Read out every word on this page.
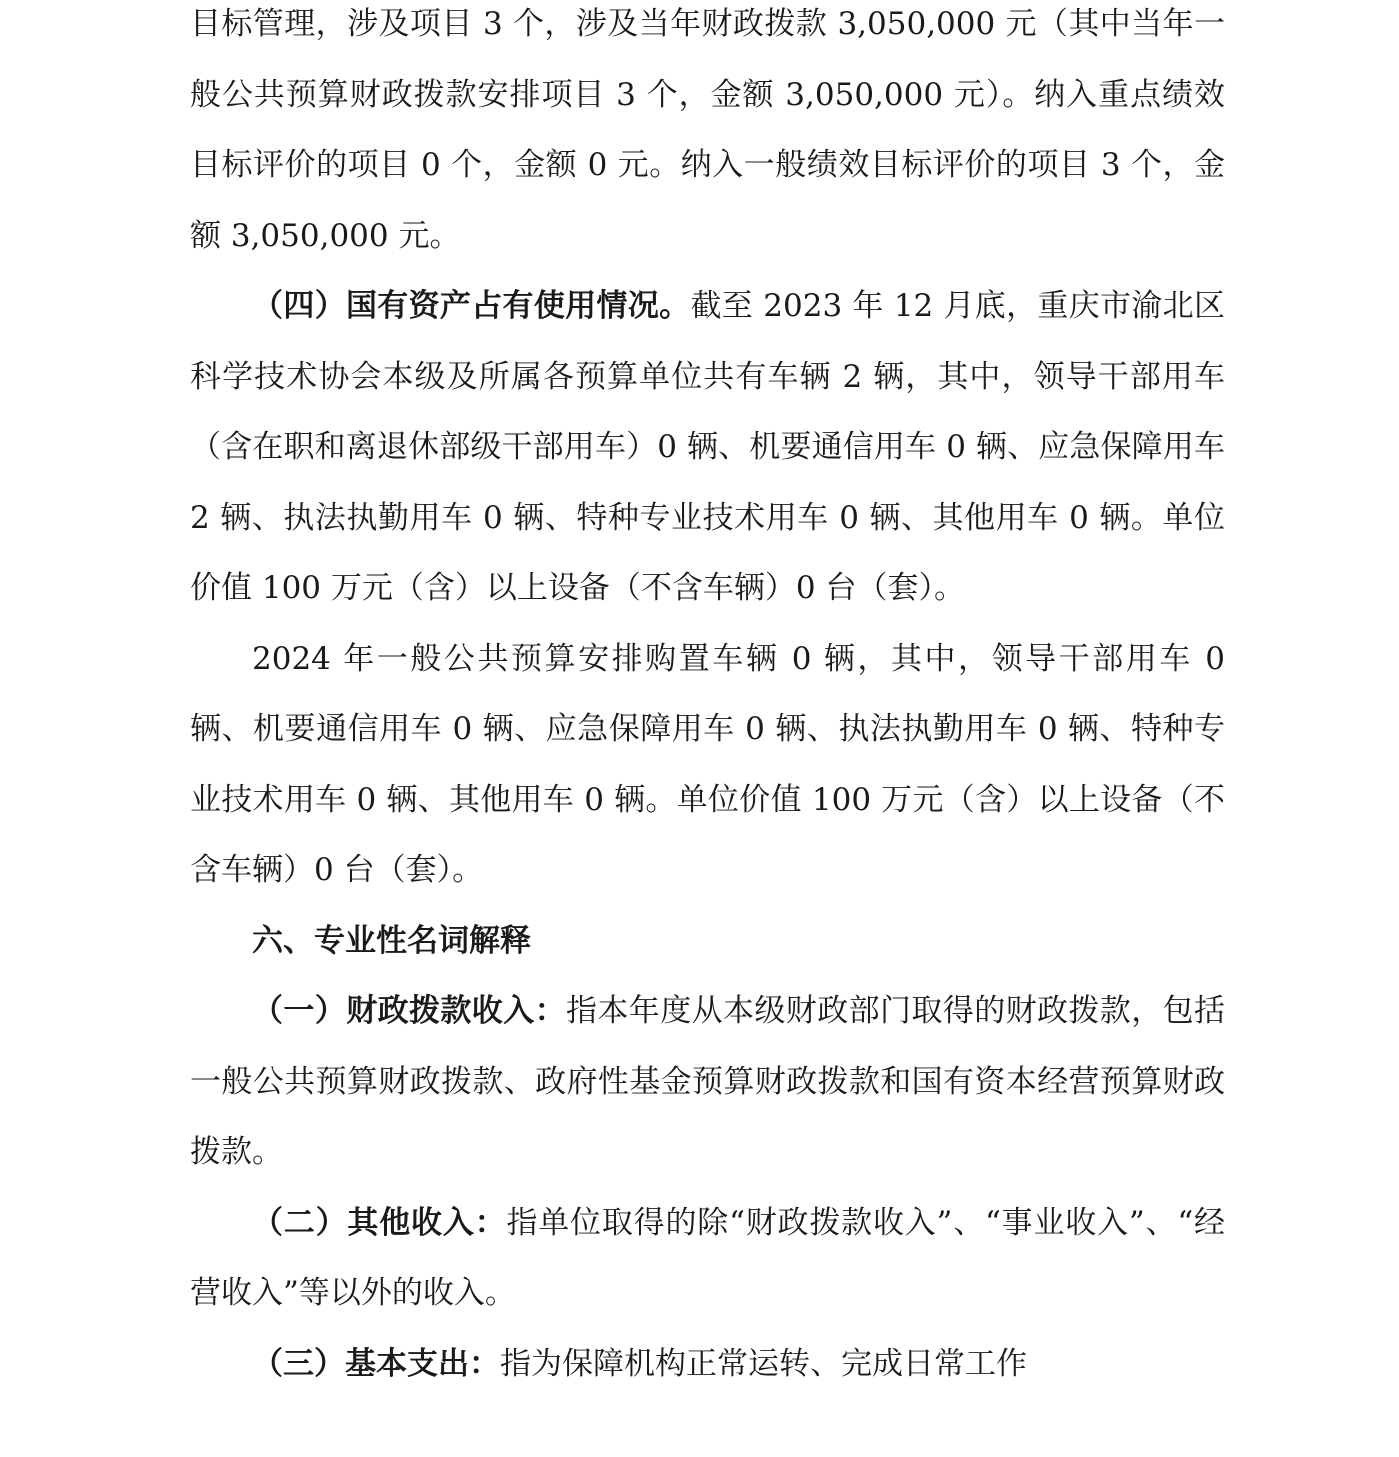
目标管理，涉及项目 3 个，涉及当年财政拨款 3,050,000 元（其中当年一般公共预算财政拨款安排项目 3 个，金额 3,050,000 元）。纳入重点绩效目标评价的项目 0 个，金额 0 元。纳入一般绩效目标评价的项目 3 个，金额 3,050,000 元。

（四）国有资产占有使用情况。截至 2023 年 12 月底，重庆市渝北区科学技术协会本级及所属各预算单位共有车辆 2 辆，其中，领导干部用车（含在职和离退休部级干部用车）0 辆、机要通信用车 0 辆、应急保障用车 2 辆、执法执勤用车 0 辆、特种专业技术用车 0 辆、其他用车 0 辆。单位价值 100 万元（含）以上设备（不含车辆）0 台（套）。

2024 年一般公共预算安排购置车辆 0 辆，其中，领导干部用车 0 辆、机要通信用车 0 辆、应急保障用车 0 辆、执法执勤用车 0 辆、特种专业技术用车 0 辆、其他用车 0 辆。单位价值 100 万元（含）以上设备（不含车辆）0 台（套）。

六、专业性名词解释

（一）财政拨款收入：指本年度从本级财政部门取得的财政拨款，包括一般公共预算财政拨款、政府性基金预算财政拨款和国有资本经营预算财政拨款。

（二）其他收入：指单位取得的除“财政拨款收入”、“事业收入”、“经营收入”等以外的收入。

（三）基本支出：指为保障机构正常运转、完成日常工作
